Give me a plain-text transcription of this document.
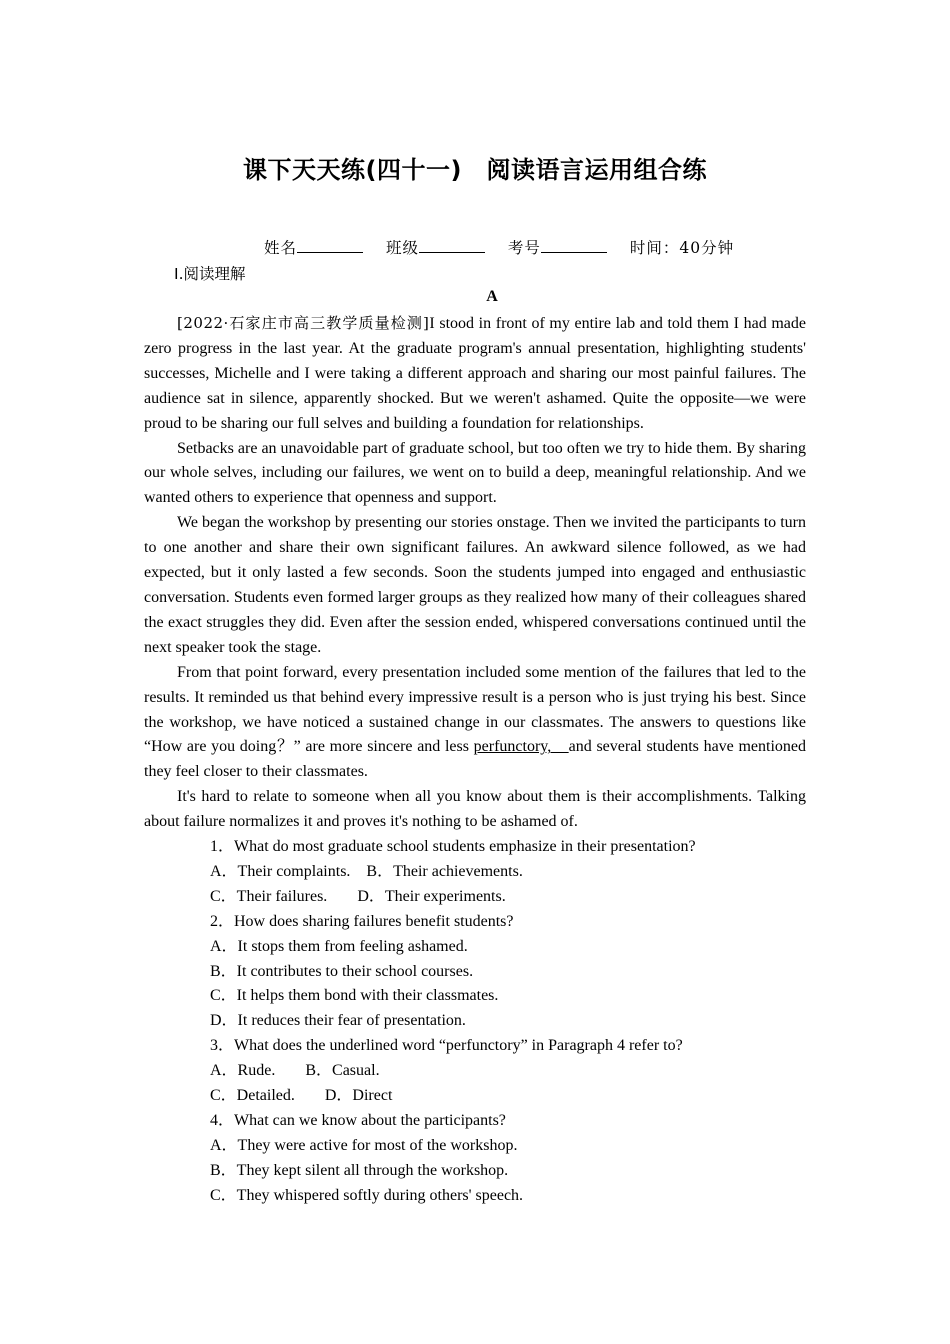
课下天天练(四十一)　阅读语言运用组合练
姓名	班级	考号	时间：40分钟
Ⅰ.阅读理解
A

[2022·石家庄市高三教学质量检测]I stood in front of my entire lab and told them I had made zero progress in the last year. At the graduate program's annual presentation, highlighting students' successes, Michelle and I were taking a different approach and sharing our most painful failures. The audience sat in silence, apparently shocked. But we weren't ashamed. Quite the opposite—we were proud to be sharing our full selves and building a foundation for relationships.

Setbacks are an unavoidable part of graduate school, but too often we try to hide them. By sharing our whole selves, including our failures, we went on to build a deep, meaningful relationship. And we wanted others to experience that openness and support.

We began the workshop by presenting our stories onstage. Then we invited the participants to turn to one another and share their own significant failures. An awkward silence followed, as we had expected, but it only lasted a few seconds. Soon the students jumped into engaged and enthusiastic conversation. Students even formed larger groups as they realized how many of their colleagues shared the exact struggles they did. Even after the session ended, whispered conversations continued until the next speaker took the stage.

From that point forward, every presentation included some mention of the failures that led to the results. It reminded us that behind every impressive result is a person who is just trying his best. Since the workshop, we have noticed a sustained change in our classmates. The answers to questions like “How are you doing？” are more sincere and less perfunctory,　and several students have mentioned they feel closer to their classmates.

It's hard to relate to someone when all you know about them is their accomplishments. Talking about failure normalizes it and proves it's nothing to be ashamed of.

1．What do most graduate school students emphasize in their presentation?

A．Their complaints. B．Their achievements.

C．Their failures. D．Their experiments.

2．How does sharing failures benefit students?

A．It stops them from feeling ashamed.

B．It contributes to their school courses.

C．It helps them bond with their classmates.

D．It reduces their fear of presentation.

3．What does the underlined word “perfunctory” in Paragraph 4 refer to?

A．Rude. B．Casual.

C．Detailed. D．Direct

4．What can we know about the participants?

A．They were active for most of the workshop.

B．They kept silent all through the workshop.

C．They whispered softly during others' speech.
